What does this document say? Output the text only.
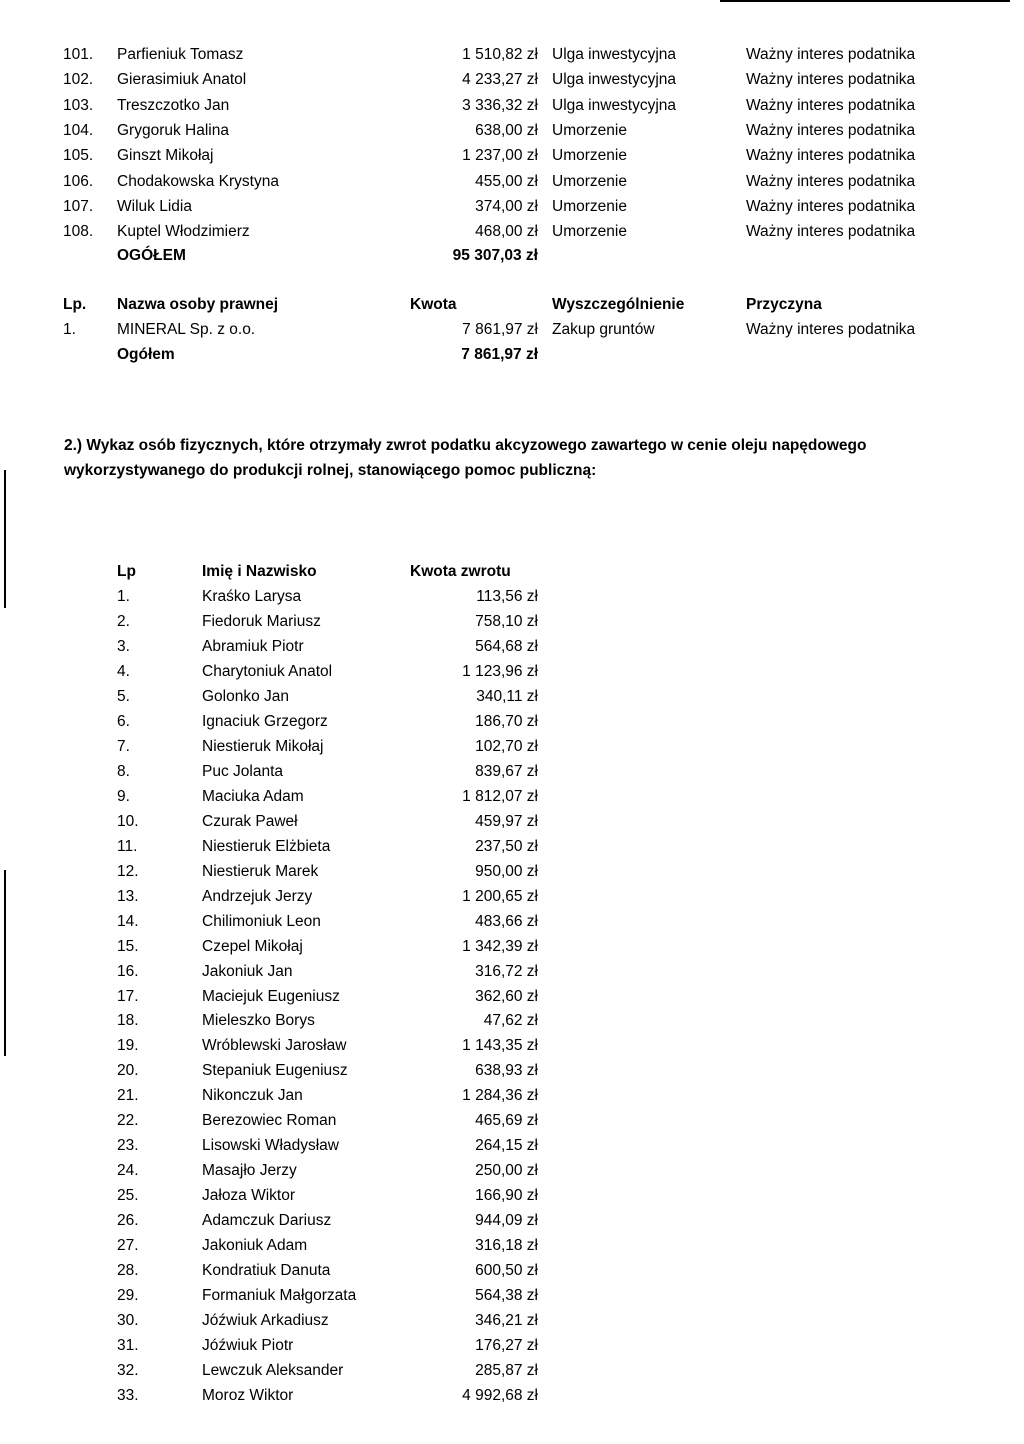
101. Parfieniuk Tomasz	1 510,82 zł Ulga inwestycyjna	Ważny interes podatnika
102. Gierasimiuk Anatol	4 233,27 zł Ulga inwestycyjna	Ważny interes podatnika
103. Treszczotko Jan	3 336,32 zł Ulga inwestycyjna	Ważny interes podatnika
104. Grygoruk Halina	638,00 zł Umorzenie	Ważny interes podatnika
105. Ginszt Mikołaj	1 237,00 zł Umorzenie	Ważny interes podatnika
106. Chodakowska Krystyna	455,00 zł Umorzenie	Ważny interes podatnika
107. Wiluk Lidia	374,00 zł Umorzenie	Ważny interes podatnika
108. Kuptel Włodzimierz	468,00 zł Umorzenie	Ważny interes podatnika
OGÓŁEM	95 307,03 zł
Lp. Nazwa osoby prawnej	Kwota	Wyszczególnienie	Przyczyna
1.	MINERAL Sp. z o.o.	7 861,97 zł Zakup gruntów	Ważny interes podatnika
Ogółem	7 861,97 zł
2.) Wykaz osób fizycznych, które otrzymały zwrot podatku akcyzowego zawartego w cenie oleju napędowego wykorzystywanego do produkcji rolnej, stanowiącego pomoc publiczną:
Lp	Imię i Nazwisko	Kwota zwrotu
1.	Kraśko Larysa	113,56 zł
2.	Fiedoruk Mariusz	758,10 zł
3.	Abramiuk Piotr	564,68 zł
4.	Charytoniuk Anatol	1 123,96 zł
5.	Golonko Jan	340,11 zł
6.	Ignaciuk Grzegorz	186,70 zł
7.	Niestieruk Mikołaj	102,70 zł
8.	Puc Jolanta	839,67 zł
9.	Maciuka Adam	1 812,07 zł
10.	Czurak Paweł	459,97 zł
11.	Niestieruk Elżbieta	237,50 zł
12.	Niestieruk Marek	950,00 zł
13.	Andrzejuk Jerzy	1 200,65 zł
14.	Chilimoniuk Leon	483,66 zł
15.	Czepel Mikołaj	1 342,39 zł
16.	Jakoniuk Jan	316,72 zł
17.	Maciejuk Eugeniusz	362,60 zł
18.	Mieleszko Borys	47,62 zł
19.	Wróblewski Jarosław	1 143,35 zł
20.	Stepaniuk Eugeniusz	638,93 zł
21.	Nikonczuk Jan	1 284,36 zł
22.	Berezowiec Roman	465,69 zł
23.	Lisowski Władysław	264,15 zł
24.	Masajło Jerzy	250,00 zł
25.	Jałoza Wiktor	166,90 zł
26.	Adamczuk Dariusz	944,09 zł
27.	Jakoniuk Adam	316,18 zł
28.	Kondratiuk Danuta	600,50 zł
29.	Formaniuk Małgorzata	564,38 zł
30.	Jóźwiuk Arkadiusz	346,21 zł
31.	Jóźwiuk Piotr	176,27 zł
32.	Lewczuk Aleksander	285,87 zł
33.	Moroz Wiktor	4 992,68 zł
